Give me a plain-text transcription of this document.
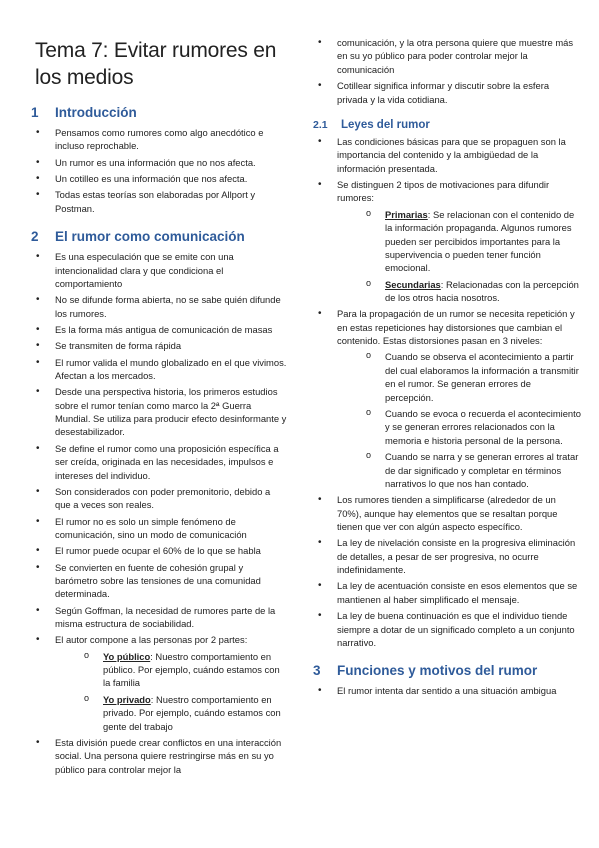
Tema 7: Evitar rumores en los medios
1	Introducción
• Pensamos como rumores como algo anecdótico e incluso reprochable.
• Un rumor es una información que no nos afecta.
• Un cotilleo es una información que nos afecta.
• Todas estas teorías son elaboradas por Allport y Postman.
2	El rumor como comunicación
• Es una especulación que se emite con una intencionalidad clara y que condiciona el comportamiento
• No se difunde forma abierta, no se sabe quién difunde los rumores.
• Es la forma más antigua de comunicación de masas
• Se transmiten de forma rápida
• El rumor valida el mundo globalizado en el que vivimos. Afectan a los mercados.
• Desde una perspectiva historia, los primeros estudios sobre el rumor tenían como marco la 2ª Guerra Mundial. Se utiliza para producir efecto desinformante y desestabilizador.
• Se define el rumor como una proposición específica a ser creída, originada en las necesidades, impulsos e intereses del individuo.
• Son considerados con poder premonitorio, debido a que a veces son reales.
• El rumor no es solo un simple fenómeno de comunicación, sino un modo de comunicación
• El rumor puede ocupar el 60% de lo que se habla
• Se convierten en fuente de cohesión grupal y barómetro sobre las tensiones de una comunidad determinada.
• Según Goffman, la necesidad de rumores parte de la misma estructura de sociabilidad.
• El autor compone a las personas por 2 partes:
o Yo público: Nuestro comportamiento en público. Por ejemplo, cuándo estamos con la familia
o Yo privado: Nuestro comportamiento en privado. Por ejemplo, cuándo estamos con gente del trabajo
• Esta división puede crear conflictos en una interacción social. Una persona quiere restringirse más en su yo público para controlar mejor la
• comunicación, y la otra persona quiere que muestre más en su yo público para poder controlar mejor la comunicación
• Cotillear significa informar y discutir sobre la esfera privada y la vida cotidiana.
2.1	Leyes del rumor
• Las condiciones básicas para que se propaguen son la importancia del contenido y la ambigüedad de la información presentada.
• Se distinguen 2 tipos de motivaciones para difundir rumores:
o Primarias: Se relacionan con el contenido de la información propaganda. Algunos rumores pueden ser percibidos importantes para la supervivencia o pueden tener función emocional.
o Secundarias: Relacionadas con la percepción de los otros hacia nosotros.
• Para la propagación de un rumor se necesita repetición y en estas repeticiones hay distorsiones que cambian el contenido. Estas distorsiones pasan en 3 niveles:
o Cuando se observa el acontecimiento a partir del cual elaboramos la información a transmitir en el rumor. Se generan errores de percepción.
o Cuando se evoca o recuerda el acontecimiento y se generan errores relacionados con la memoria e historia personal de la persona.
o Cuando se narra y se generan errores al tratar de dar significado y completar en términos narrativos lo que nos han contado.
• Los rumores tienden a simplificarse (alrededor de un 70%), aunque hay elementos que se resaltan porque tienen que ver con algún aspecto específico.
• La ley de nivelación consiste en la progresiva eliminación de detalles, a pesar de ser progresiva, no ocurre indefinidamente.
• La ley de acentuación consiste en esos elementos que se mantienen al haber simplificado el mensaje.
• La ley de buena continuación es que el individuo tiende siempre a dotar de un significado completo a un conjunto narrativo.
3	Funciones y motivos del rumor
• El rumor intenta dar sentido a una situación ambigua
